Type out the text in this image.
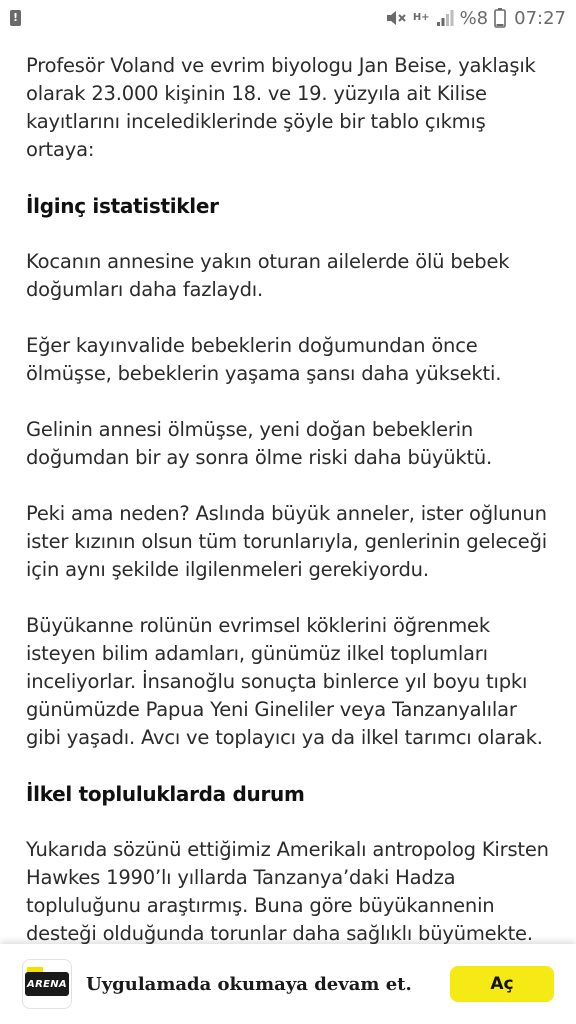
!	H+ %8 07:27

Profesör Voland ve evrim biyologu Jan Beise, yaklaşık olarak 23.000 kişinin 18. ve 19. yüzyıla ait Kilise kayıtlarını incelediklerinde şöyle bir tablo çıkmış ortaya:

İlginç istatistikler

Kocanın annesine yakın oturan ailelerde ölü bebek doğumları daha fazlaydı.

Eğer kayınvalide bebeklerin doğumundan önce ölmüşse, bebeklerin yaşama şansı daha yüksekti.

Gelinin annesi ölmüşse, yeni doğan bebeklerin doğumdan bir ay sonra ölme riski daha büyüktü.

Peki ama neden? Aslında büyük anneler, ister oğlunun ister kızının olsun tüm torunlarıyla, genlerinin geleceği için aynı şekilde ilgilenmeleri gerekiyordu.

Büyükanne rolünün evrimsel köklerini öğrenmek isteyen bilim adamları, günümüz ilkel toplumları inceliyorlar. İnsanoğlu sonuçta binlerce yıl boyu tıpkı günümüzde Papua Yeni Gineliler veya Tanzanyalılar gibi yaşadı. Avcı ve toplayıcı ya da ilkel tarımcı olarak.

İlkel topluluklarda durum

Yukarıda sözünü ettiğimiz Amerikalı antropolog Kirsten Hawkes 1990’lı yıllarda Tanzanya’daki Hadza topluluğunu araştırmış. Buna göre büyükannenin desteği olduğunda torunlar daha sağlıklı büyümekte.

ARENA Uygulamada okumaya devam et.	Aç
